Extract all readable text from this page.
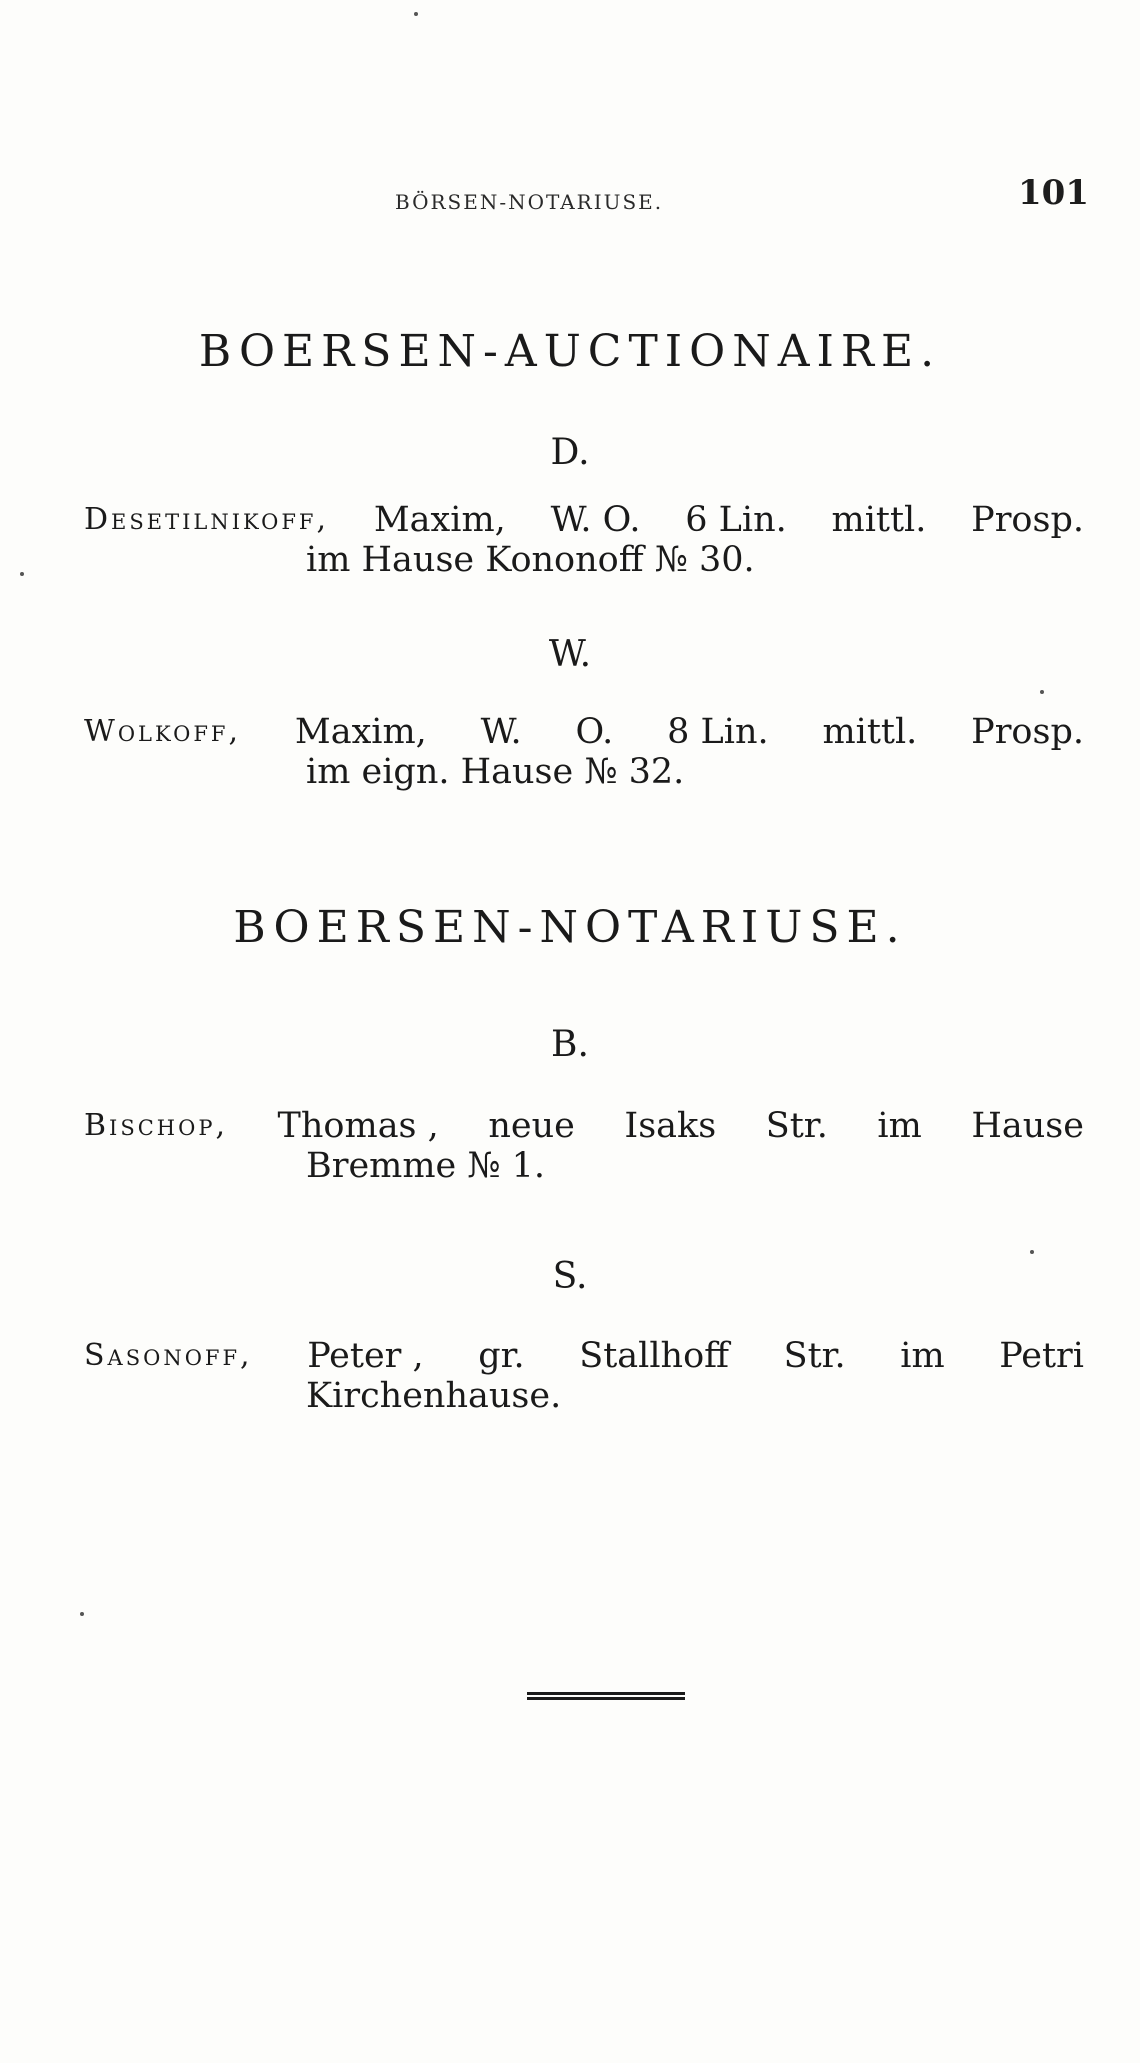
BÖRSEN-NOTARIUSE.	101
BOERSEN-AUCTIONAIRE.
D.
Desetilnikoff, Maxim, W. O. 6 Lin. mittl. Prosp.
im Hause Kononoff № 30.
W.
Wolkoff, Maxim, W. O. 8 Lin. mittl. Prosp.
im eign. Hause № 32.
BOERSEN-NOTARIUSE.
B.
Bischop, Thomas , neue Isaks Str. im Hause
Bremme № 1.
S.
Sasonoff, Peter , gr. Stallhoff Str. im Petri
Kirchenhause.
